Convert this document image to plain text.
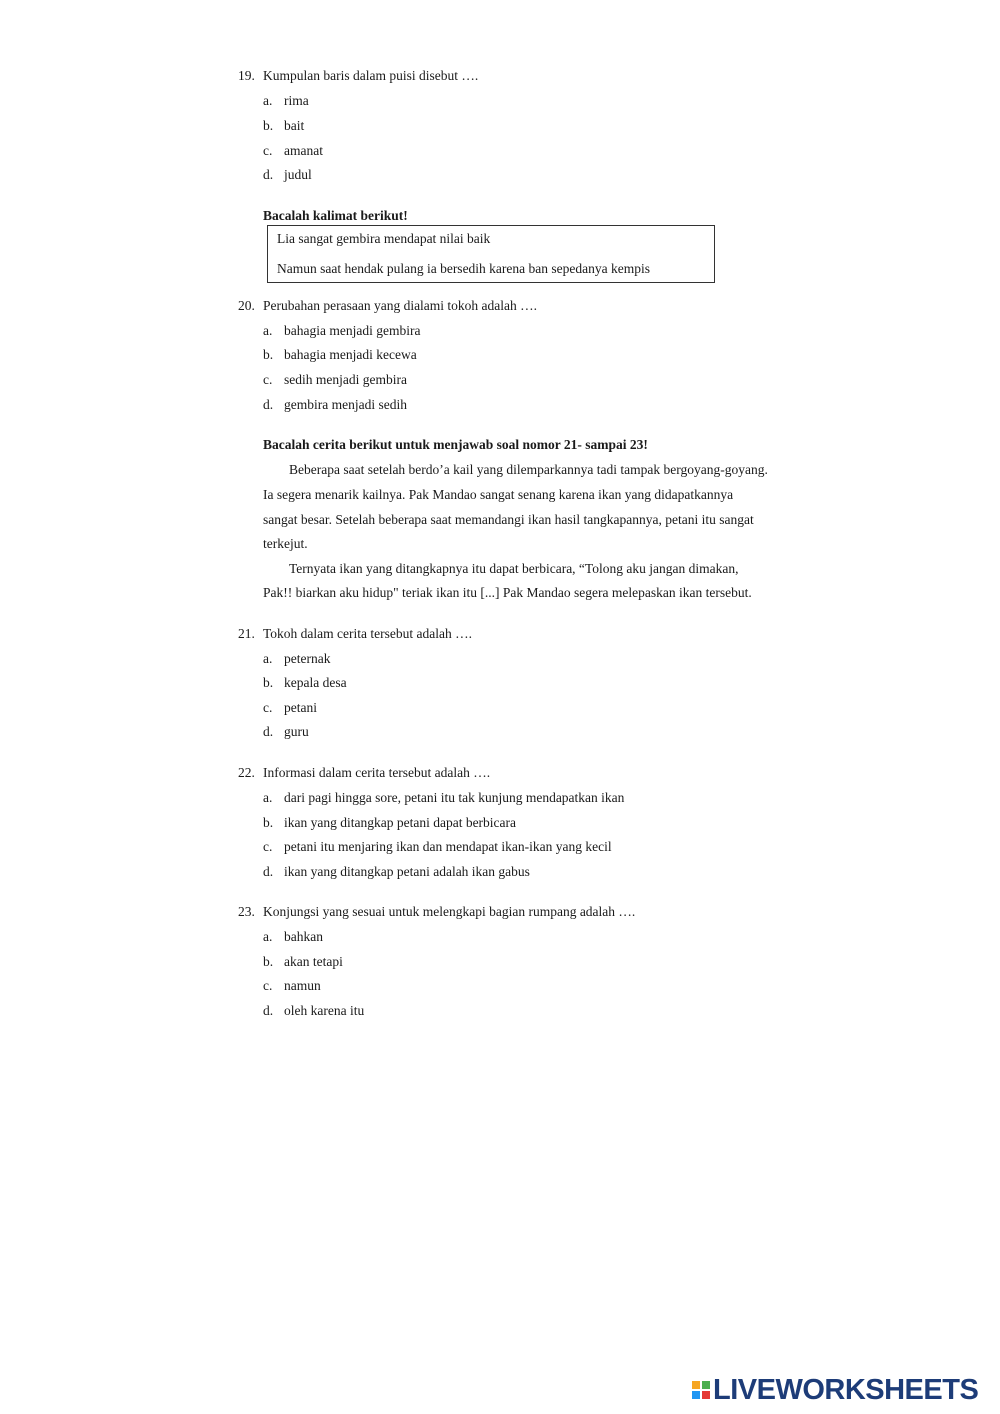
19. Kumpulan baris dalam puisi disebut ….
a. rima
b. bait
c. amanat
d. judul
Bacalah kalimat berikut!
Lia sangat gembira mendapat nilai baik
Namun saat hendak pulang ia bersedih karena ban sepedanya kempis
20. Perubahan perasaan yang dialami tokoh adalah ….
a. bahagia menjadi gembira
b. bahagia menjadi kecewa
c. sedih menjadi gembira
d. gembira menjadi sedih
Bacalah cerita berikut untuk menjawab soal nomor 21- sampai 23!
Beberapa saat setelah berdo’a kail yang dilemparkannya tadi tampak bergoyang-goyang.
Ia segera menarik kailnya. Pak Mandao sangat senang karena ikan yang didapatkannya
sangat besar. Setelah beberapa saat memandangi ikan hasil tangkapannya, petani itu sangat
terkejut.
Ternyata ikan yang ditangkapnya itu dapat berbicara, “Tolong aku jangan dimakan,
Pak!! biarkan aku hidup" teriak ikan itu [...] Pak Mandao segera melepaskan ikan tersebut.
21. Tokoh dalam cerita tersebut adalah ….
a. peternak
b. kepala desa
c. petani
d. guru
22. Informasi dalam cerita tersebut adalah ….
a. dari pagi hingga sore, petani itu tak kunjung mendapatkan ikan
b. ikan yang ditangkap petani dapat berbicara
c. petani itu menjaring ikan dan mendapat ikan-ikan yang kecil
d. ikan yang ditangkap petani adalah ikan gabus
23. Konjungsi yang sesuai untuk melengkapi bagian rumpang adalah ….
a. bahkan
b. akan tetapi
c. namun
d. oleh karena itu
LIVEWORKSHEETS
